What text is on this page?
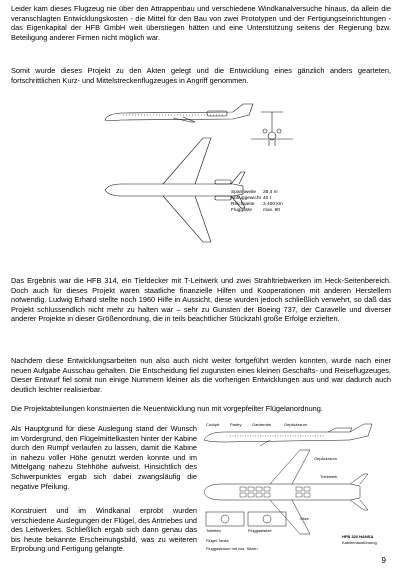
Leider kam dieses Flugzeug nie über den Attrappenbau und verschiedene Windkanalversuche hinaus, da allein die veranschlagten Entwicklungskosten - die Mittel für den Bau von zwei Prototypen und der Fertigungseinrichtungen - das Eigenkapital der HFB GmbH weit überstiegen hätten und eine Unterstützung seitens der Regierung bzw. Beteiligung anderer Firmen nicht möglich war.

Somit wurde dieses Projekt zu den Akten gelegt und die Entwicklung eines gänzlich anders gearteten, fortschrittlichen Kurz- und Mittelstreckenflugzeuges in Angriff genommen.

Spannweite 28,4 m
Abfluggewicht 40 t
Reichweite 3 400 km
Fluggäste max. 80

Das Ergebnis war die HFB 314, ein Tiefdecker mit T-Leitwerk und zwei Strahltriebwerken im Heck-Seitenbereich. Doch auch für dieses Projekt waren staatliche finanzielle Hilfen und Kooperationen mit anderen Herstellern notwendig. Ludwig Erhard stellte noch 1960 Hilfe in Aussicht, diese wurden jedoch schließlich verwehrt, so daß das Projekt schlussendlich nicht mehr zu halten war – sehr zu Gunsten der Boeing 737, der Caravelle und diverser anderer Projekte in dieser Größenordnung, die in teils beachtlicher Stückzahl große Erfolge erzielten.

Nachdem diese Entwicklungsarbeiten nun also auch nicht weiter fortgeführt werden konnten, wurde nach einer neuen Aufgabe Ausschau gehalten. Die Entscheidung fiel zugunsten eines kleinen Geschäfts- und Reiseflugzeuges. Dieser Entwurf fiel somit nun einige Nummern kleiner als die vorherigen Entwicklungen aus und war dadurch auch deutlich leichter realisierbar.

Die Projektabteilungen konstruierten die Neuentwicklung nun mit vorgepfeilter Flügelanordnung.

Als Hauptgrund für diese Auslegung stand der Wunsch im Vordergrund, den Flügelmittelkasten hinter der Kabine durch den Rumpf verlaufen zu lassen, damit die Kabine in nahezu voller Höhe genutzt werden konnte und im Mittelgang nahezu Stehhöhe aufweist. Hinsichtlich des Schwerpunktes ergab sich dabei zwangsläufig die negative Pfeilung.

Konstruiert und im Windkanal erprobt wurden verschiedene Auslegungen der Flügel, des Antriebes und des Leitwerkes. Schließlich ergab sich dann genau das bis heute bekannte Erscheinungsbild, was zu weiteren Erprobung und Fertigung gelangte.

Cockpit	Pantry	Garderobe	Gepäckraum
Gepäckraum
Toiletten	Fluggastsitze
Sitze
Triebwerk
HFB 320 HANSA
Kabinenausführung
Flügel-Tanks
Fluggastraum mit zus. Sitzen
9
